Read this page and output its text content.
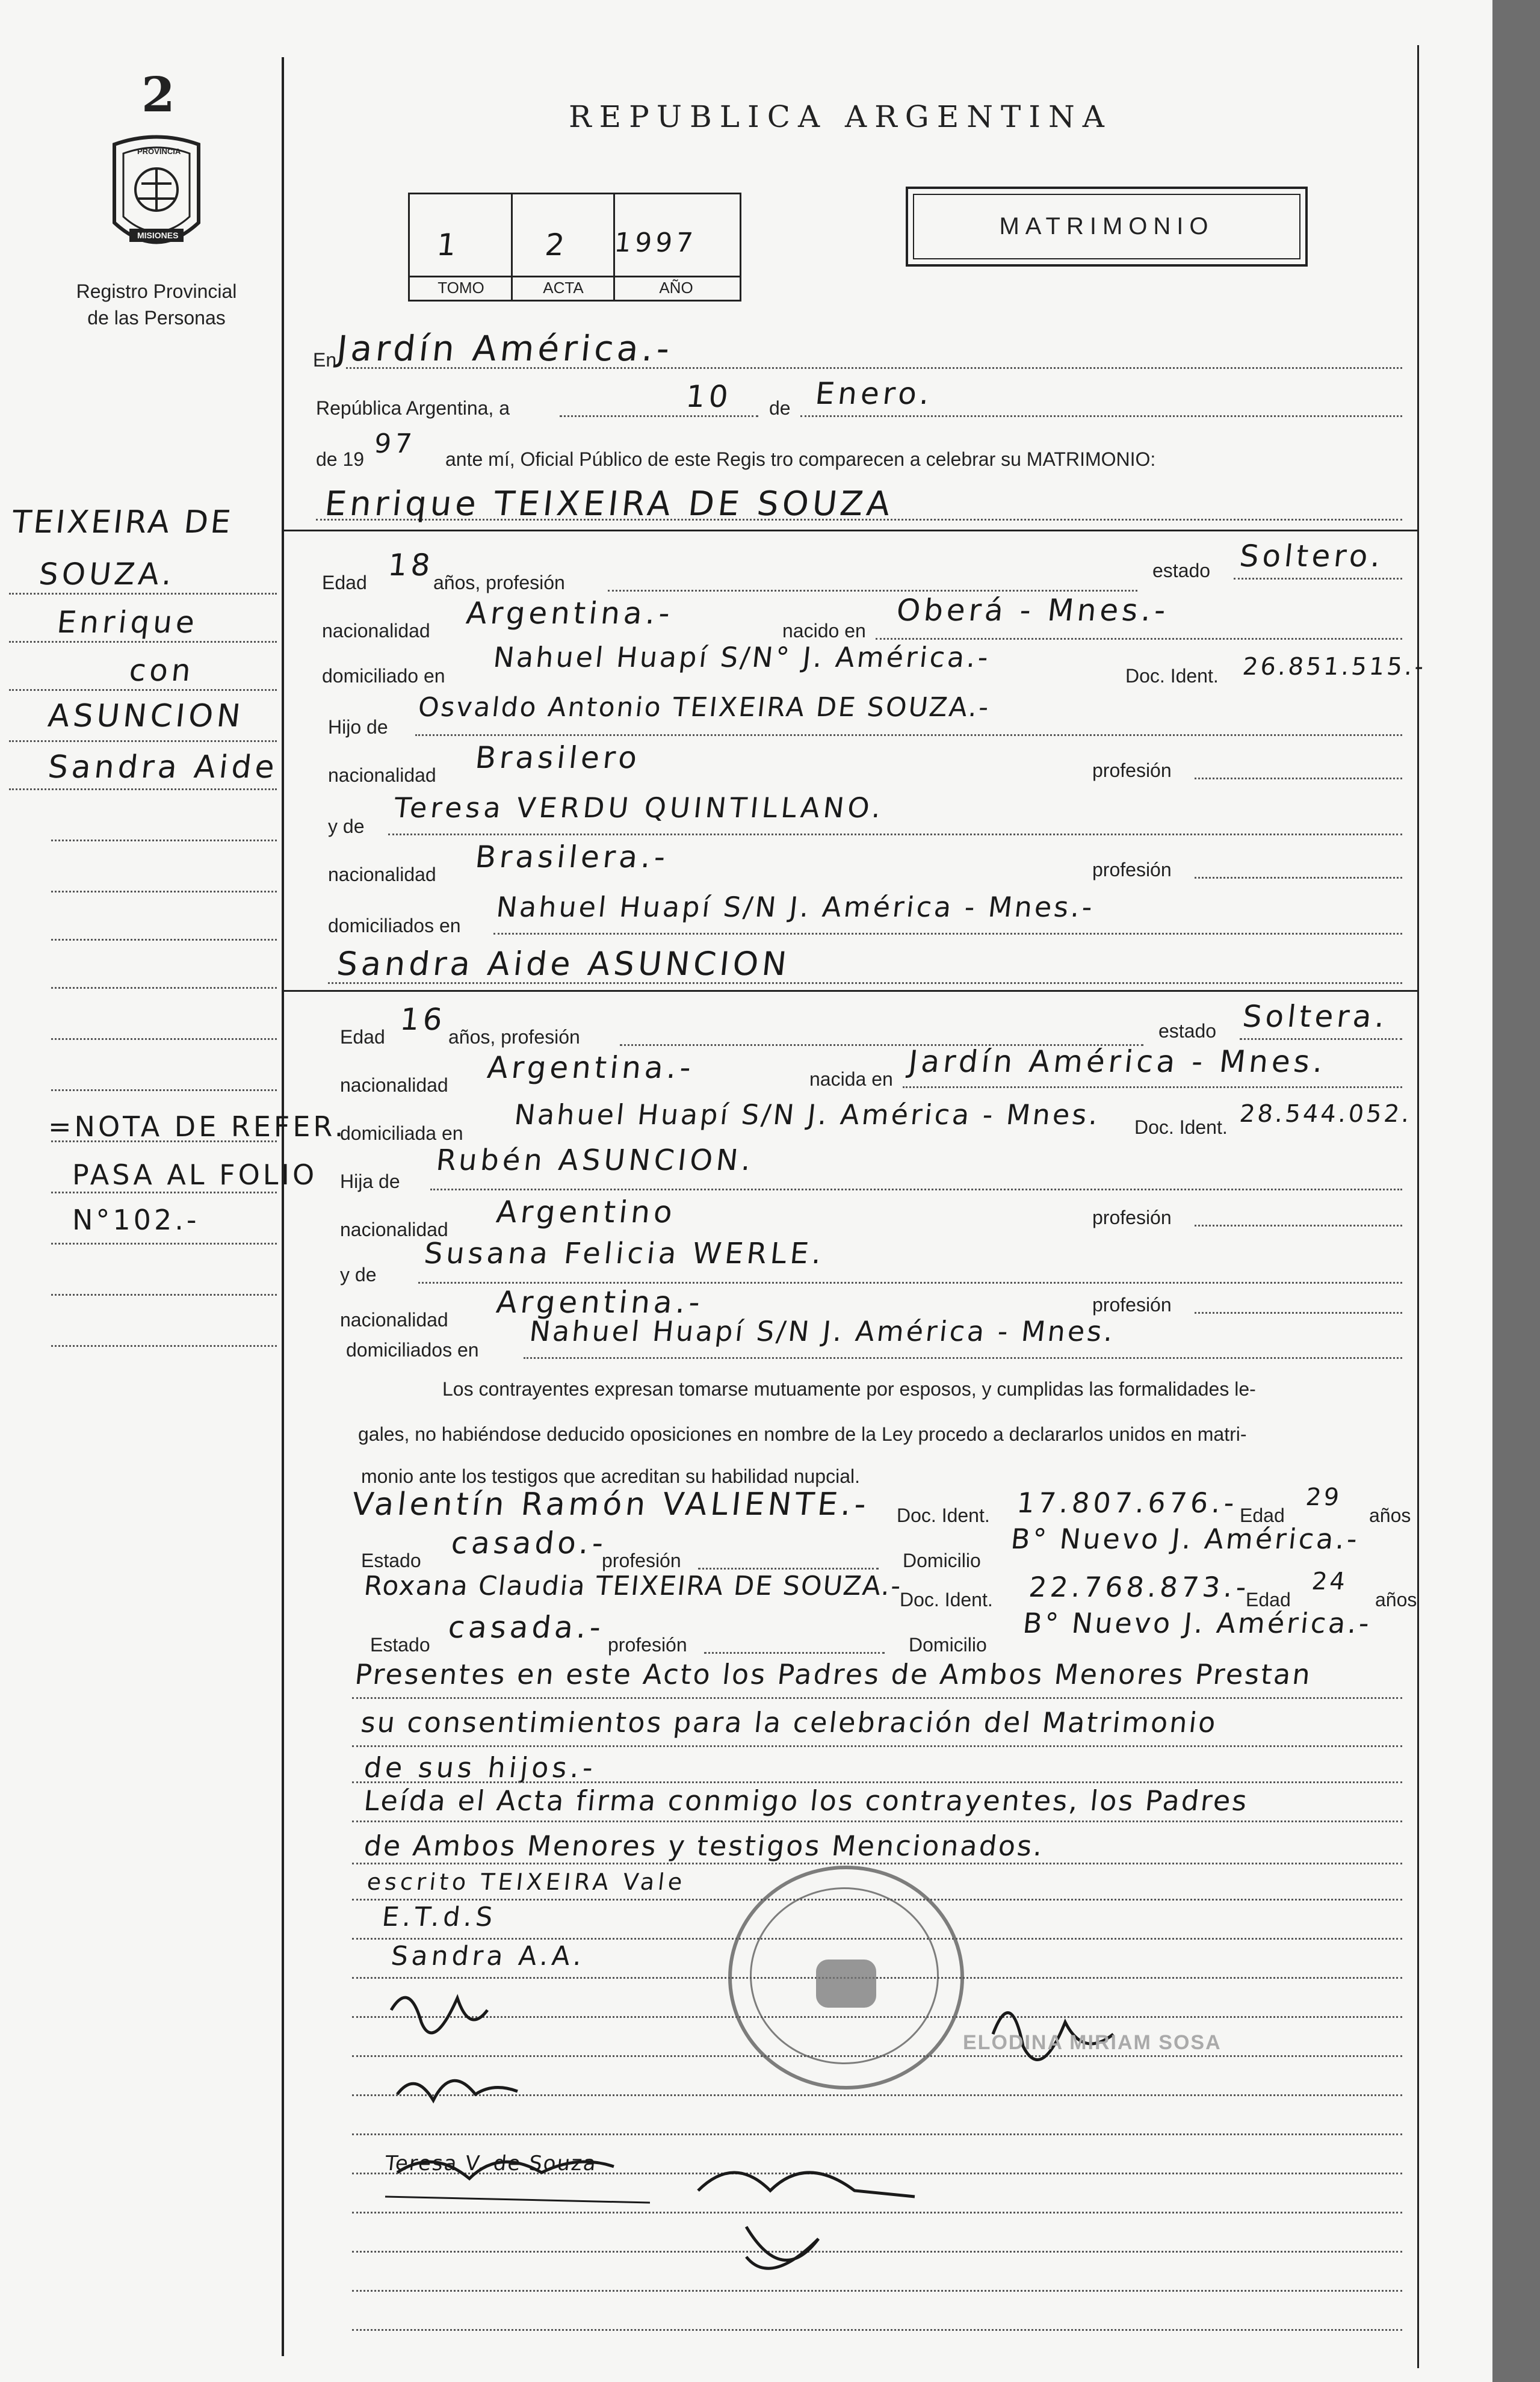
2
PROVINCIA
MISIONES
Registro Provincial
de las Personas
REPUBLICA ARGENTINA
1	2 1997
TOMO	ACTA	AÑO
MATRIMONIO
En
Jardín América.-
República Argentina, a	10 de Enero.
de 19 97 ante mí, Oficial Público de este Regis tro comparecen a celebrar su MATRIMONIO:
Enrique TEIXEIRA DE SOUZA
Edad 18
años, profesión
estado Soltero.
nacionalidad Argentina.-	nacido en
Oberá - Mnes.-
domiciliado en
Nahuel Huapí S/N° J. América.-
Doc. Ident. 26.851.515.-
Hijo de
Osvaldo Antonio TEIXEIRA DE SOUZA.-
nacionalidad Brasilero	profesión
y de
Teresa VERDU QUINTILLANO.
nacionalidad Brasilera.-	profesión
domiciliados en
Nahuel Huapí S/N J. América - Mnes.-
Sandra Aide ASUNCION
Edad 16 años, profesión	estado Soltera.
nacionalidad Argentina.-	nacida en Jardín América - Mnes.
domiciliada en
Nahuel Huapí S/N J. América - Mnes. Doc. Ident. 28.544.052.
Hija de
Rubén ASUNCION.
nacionalidad Argentino	profesión
y de
Susana Felicia WERLE.
nacionalidad Argentina.-	profesión
domiciliados en
Nahuel Huapí S/N J. América - Mnes.
Los contrayentes expresan tomarse mutuamente por esposos, y cumplidas las formalidades le-
gales, no habiéndose deducido oposiciones en nombre de la Ley procedo a declararlos unidos en matri-
monio ante los testigos que acreditan su habilidad nupcial.
Valentín Ramón VALIENTE.- Doc. Ident. 17.807.676.- Edad
29
años
Estado casado.-
profesión	Domicilio
B° Nuevo J. América.-
Roxana Claudia TEIXEIRA DE SOUZA.-
Doc. Ident. 22.768.873.-
Edad
24
años
Estado casada.- profesión	Domicilio
B° Nuevo J. América.-
Presentes en este Acto los Padres de Ambos Menores Prestan
su consentimientos para la celebración del Matrimonio
de sus hijos.-
Leída el Acta firma conmigo los contrayentes, los Padres
de Ambos Menores y testigos Mencionados.
escrito TEIXEIRA Vale
E.T.d.S
Sandra A.A.
ELODINA MIRIAM SOSA
Teresa V. de Souza
TEIXEIRA DE
SOUZA.
Enrique
con
ASUNCION
Sandra Aide
=NOTA DE REFER.
PASA AL FOLIO
N°102.-
